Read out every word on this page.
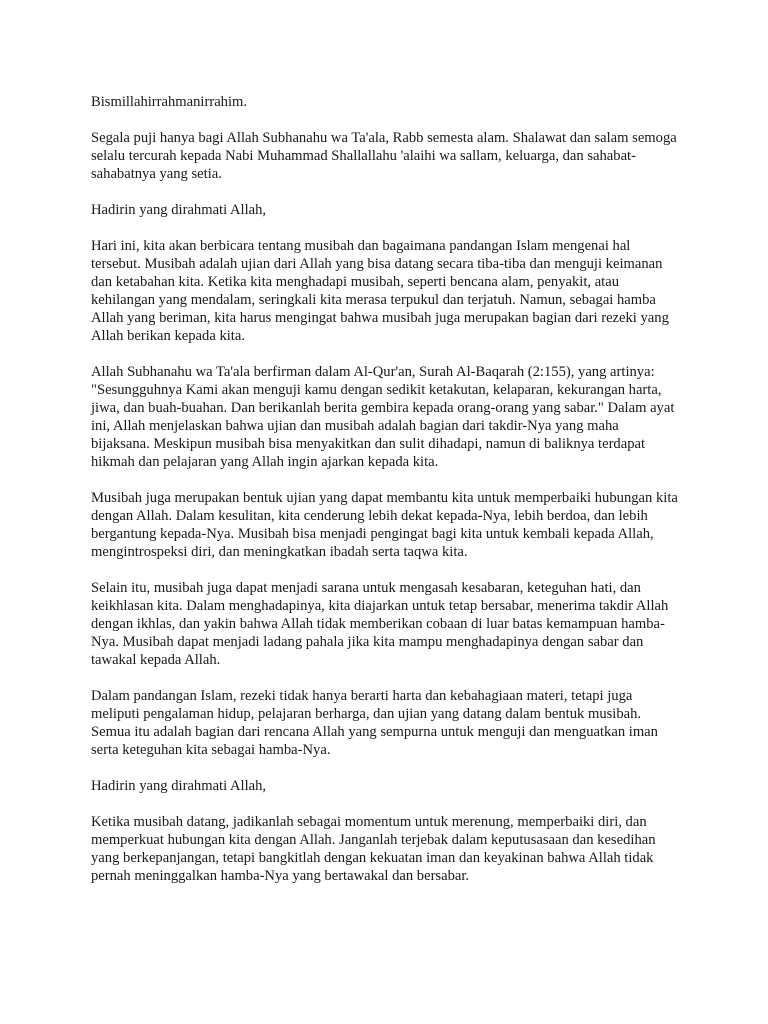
Bismillahirrahmanirrahim.

Segala puji hanya bagi Allah Subhanahu wa Ta'ala, Rabb semesta alam. Shalawat dan salam semoga selalu tercurah kepada Nabi Muhammad Shallallahu 'alaihi wa sallam, keluarga, dan sahabat-sahabatnya yang setia.

Hadirin yang dirahmati Allah,

Hari ini, kita akan berbicara tentang musibah dan bagaimana pandangan Islam mengenai hal tersebut. Musibah adalah ujian dari Allah yang bisa datang secara tiba-tiba dan menguji keimanan dan ketabahan kita. Ketika kita menghadapi musibah, seperti bencana alam, penyakit, atau kehilangan yang mendalam, seringkali kita merasa terpukul dan terjatuh. Namun, sebagai hamba Allah yang beriman, kita harus mengingat bahwa musibah juga merupakan bagian dari rezeki yang Allah berikan kepada kita.

Allah Subhanahu wa Ta'ala berfirman dalam Al-Qur'an, Surah Al-Baqarah (2:155), yang artinya: "Sesungguhnya Kami akan menguji kamu dengan sedikit ketakutan, kelaparan, kekurangan harta, jiwa, dan buah-buahan. Dan berikanlah berita gembira kepada orang-orang yang sabar." Dalam ayat ini, Allah menjelaskan bahwa ujian dan musibah adalah bagian dari takdir-Nya yang maha bijaksana. Meskipun musibah bisa menyakitkan dan sulit dihadapi, namun di baliknya terdapat hikmah dan pelajaran yang Allah ingin ajarkan kepada kita.

Musibah juga merupakan bentuk ujian yang dapat membantu kita untuk memperbaiki hubungan kita dengan Allah. Dalam kesulitan, kita cenderung lebih dekat kepada-Nya, lebih berdoa, dan lebih bergantung kepada-Nya. Musibah bisa menjadi pengingat bagi kita untuk kembali kepada Allah, mengintrospeksi diri, dan meningkatkan ibadah serta taqwa kita.

Selain itu, musibah juga dapat menjadi sarana untuk mengasah kesabaran, keteguhan hati, dan keikhlasan kita. Dalam menghadapinya, kita diajarkan untuk tetap bersabar, menerima takdir Allah dengan ikhlas, dan yakin bahwa Allah tidak memberikan cobaan di luar batas kemampuan hamba-Nya. Musibah dapat menjadi ladang pahala jika kita mampu menghadapinya dengan sabar dan tawakal kepada Allah.

Dalam pandangan Islam, rezeki tidak hanya berarti harta dan kebahagiaan materi, tetapi juga meliputi pengalaman hidup, pelajaran berharga, dan ujian yang datang dalam bentuk musibah. Semua itu adalah bagian dari rencana Allah yang sempurna untuk menguji dan menguatkan iman serta keteguhan kita sebagai hamba-Nya.

Hadirin yang dirahmati Allah,

Ketika musibah datang, jadikanlah sebagai momentum untuk merenung, memperbaiki diri, dan memperkuat hubungan kita dengan Allah. Janganlah terjebak dalam keputusasaan dan kesedihan yang berkepanjangan, tetapi bangkitlah dengan kekuatan iman dan keyakinan bahwa Allah tidak pernah meninggalkan hamba-Nya yang bertawakal dan bersabar.
